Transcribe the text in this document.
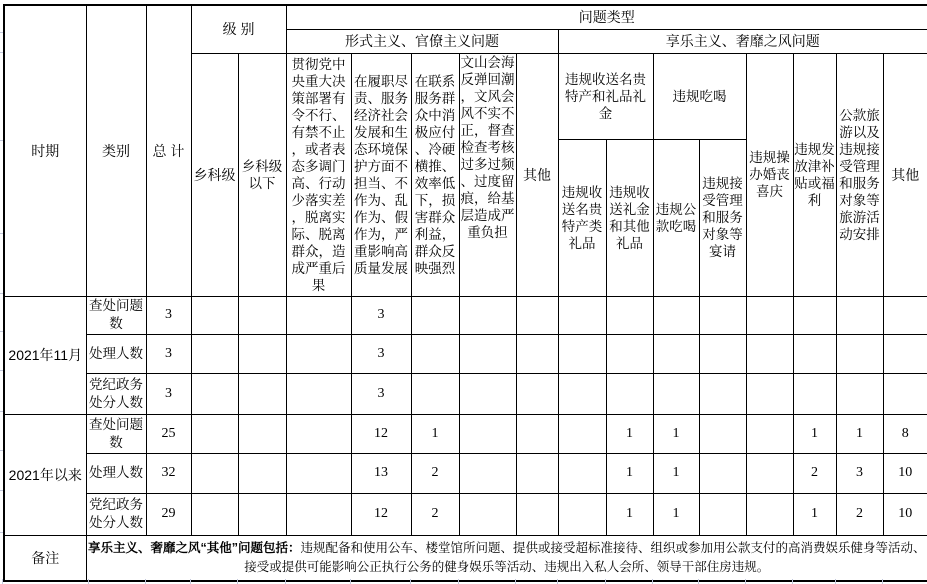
时期	类别	总 计	级 别		问题类型												
					形式主义、官僚主义问题					享乐主义、奢靡之风问题							
			乡科级	乡科级以下	贯彻党中央重大决策部署有令不行、有禁不止，或者表态多调门高、行动少落实差，脱离实际、脱离群众，造成严重后果	在履职尽责、服务经济社会发展和生态环境保护方面不担当、不作为、乱作为、假作为，严重影响高质量发展	在联系服务群众中消极应付、冷硬横推、效率低下，损害群众利益，群众反映强烈	文山会海反弹回潮，文风会风不实不正，督查检查考核过多过频、过度留痕，给基层造成严重负担	其他	违规收送名贵特产和礼品礼金		违规吃喝		违规操办婚丧喜庆	违规发放津补贴或福利	公款旅游以及违规接受管理和服务对象等旅游活动安排	其他
										违规收送名贵特产类礼品	违规收送礼金和其他礼品	违规公款吃喝	违规接受管理和服务对象等宴请				
2021年11月	查处问题数	3				3											
	处理人数	3				3											
	党纪政务处分人数	3				3											
2021年以来	查处问题数	25				12	1				1	1			1	1	8
	处理人数	32				13	2				1	1			2	3	10
	党纪政务处分人数	29				12	2				1	1			1	2	10
备注	享乐主义、奢靡之风“其他”问题包括：违规配备和使用公车、楼堂馆所问题、提供或接受超标准接待、组织或参加用公款支付的高消费娱乐健身等活动、接受或提供可能影响公正执行公务的健身娱乐等活动、违规出入私人会所、领导干部住房违规。																
